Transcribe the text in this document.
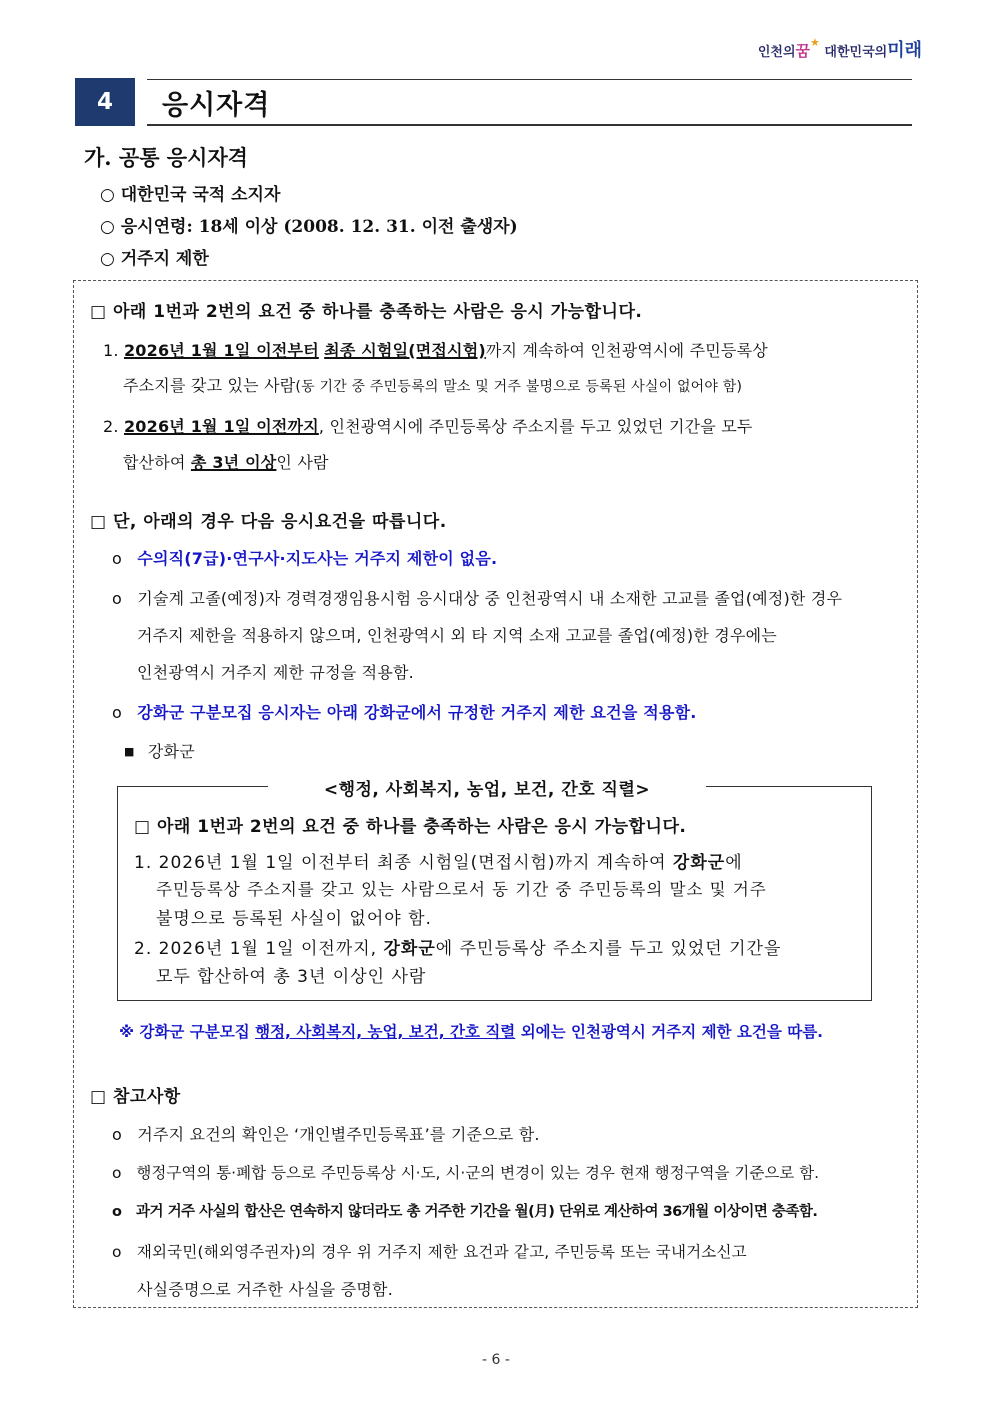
인천의꿈★ 대한민국의미래
4	응시자격
가. 공통 응시자격
○ 대한민국 국적 소지자
○ 응시연령: 18세 이상 (2008. 12. 31. 이전 출생자)
○ 거주지 제한
□ 아래 1번과 2번의 요건 중 하나를 충족하는 사람은 응시 가능합니다.
1. 2026년 1월 1일 이전부터 최종 시험일(면접시험)까지 계속하여 인천광역시에 주민등록상
주소지를 갖고 있는 사람(동 기간 중 주민등록의 말소 및 거주 불명으로 등록된 사실이 없어야 함)
2. 2026년 1월 1일 이전까지, 인천광역시에 주민등록상 주소지를 두고 있었던 기간을 모두
합산하여 총 3년 이상인 사람
□ 단, 아래의 경우 다음 응시요건을 따릅니다.
o 수의직(7급)·연구사·지도사는 거주지 제한이 없음.
o 기술계 고졸(예정)자 경력경쟁임용시험 응시대상 중 인천광역시 내 소재한 고교를 졸업(예정)한 경우
거주지 제한을 적용하지 않으며, 인천광역시 외 타 지역 소재 고교를 졸업(예정)한 경우에는
인천광역시 거주지 제한 규정을 적용함.
o 강화군 구분모집 응시자는 아래 강화군에서 규정한 거주지 제한 요건을 적용함.
■ 강화군
<행정, 사회복지, 농업, 보건, 간호 직렬>
□ 아래 1번과 2번의 요건 중 하나를 충족하는 사람은 응시 가능합니다.
1. 2026년 1월 1일 이전부터 최종 시험일(면접시험)까지 계속하여 강화군에
주민등록상 주소지를 갖고 있는 사람으로서 동 기간 중 주민등록의 말소 및 거주
불명으로 등록된 사실이 없어야 함.
2. 2026년 1월 1일 이전까지, 강화군에 주민등록상 주소지를 두고 있었던 기간을
모두 합산하여 총 3년 이상인 사람
※ 강화군 구분모집 행정, 사회복지, 농업, 보건, 간호 직렬 외에는 인천광역시 거주지 제한 요건을 따름.
□ 참고사항
o 거주지 요건의 확인은 ‘개인별주민등록표’를 기준으로 함.
o 행정구역의 통·폐합 등으로 주민등록상 시·도, 시·군의 변경이 있는 경우 현재 행정구역을 기준으로 함.
o 과거 거주 사실의 합산은 연속하지 않더라도 총 거주한 기간을 월(月) 단위로 계산하여 36개월 이상이면 충족함.
o 재외국민(해외영주권자)의 경우 위 거주지 제한 요건과 같고, 주민등록 또는 국내거소신고
사실증명으로 거주한 사실을 증명함.
- 6 -
